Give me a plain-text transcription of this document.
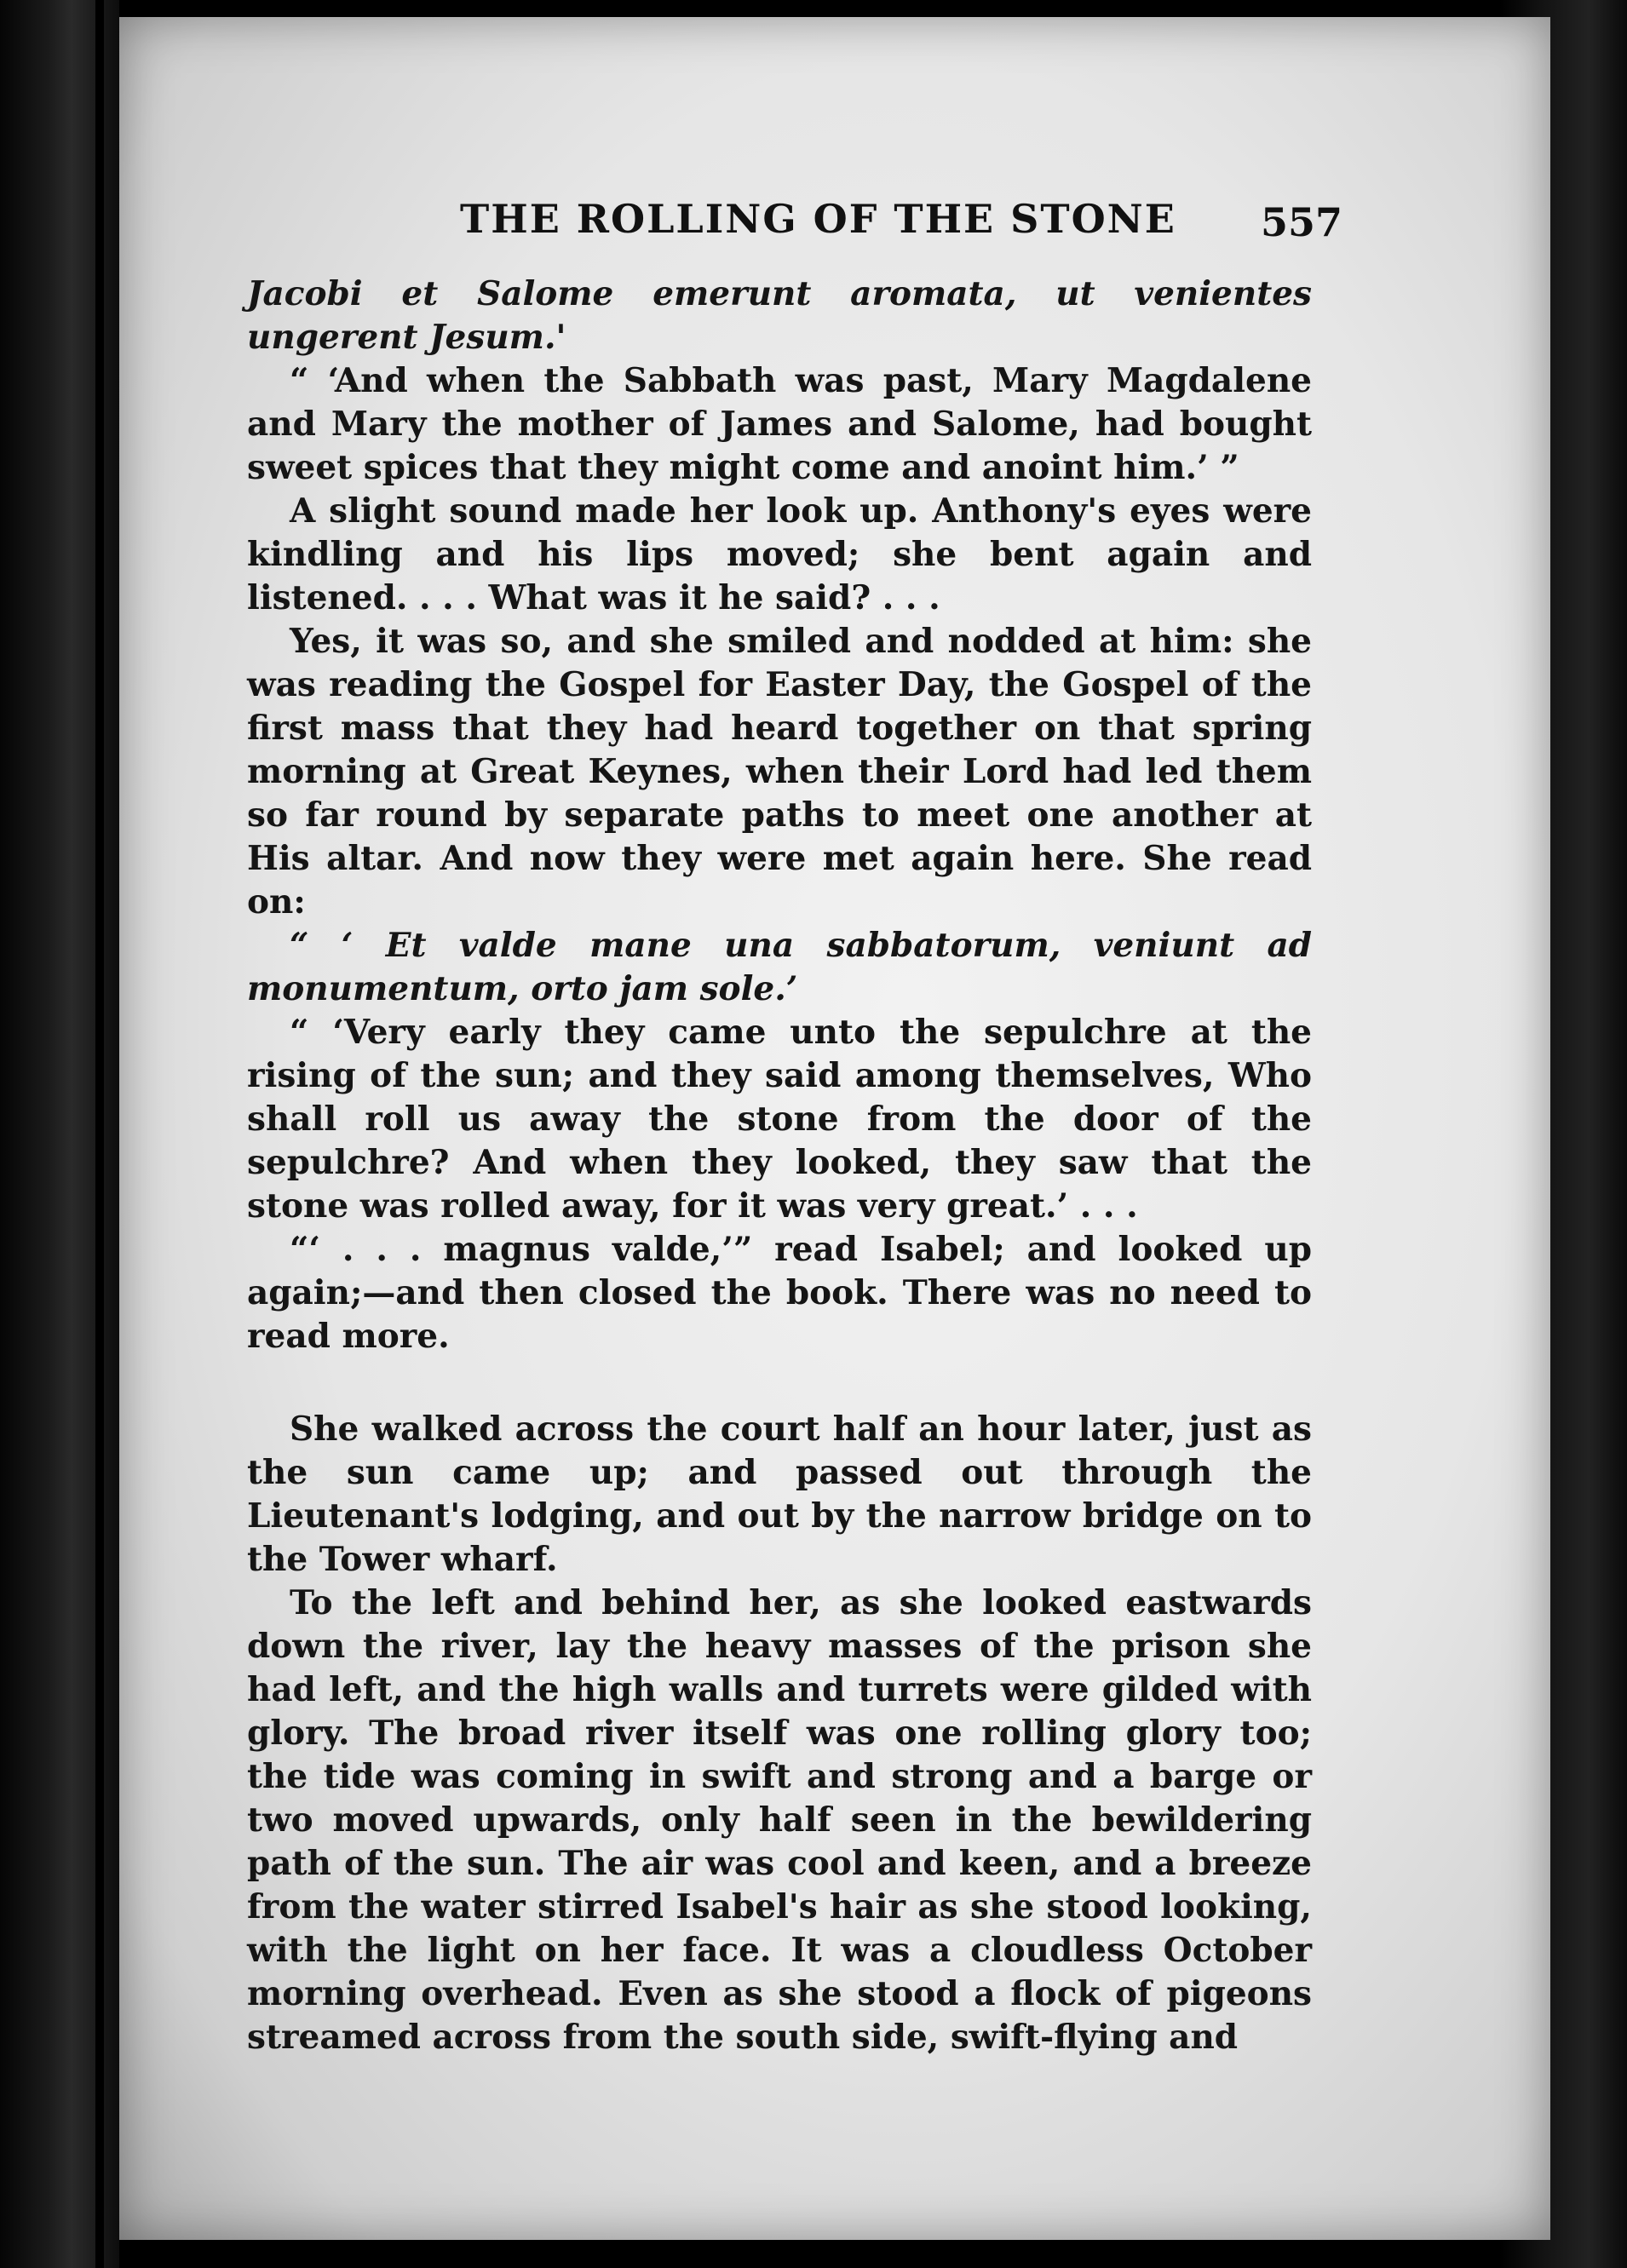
THE ROLLING OF THE STONE 557

Jacobi et Salome emerunt aromata, ut venientes ungerent Jesum.'

“ ‘And when the Sabbath was past, Mary Magdalene and Mary the mother of James and Salome, had bought sweet spices that they might come and anoint him.’ ”

A slight sound made her look up. Anthony's eyes were kindling and his lips moved; she bent again and listened. . . . What was it he said? . . .

Yes, it was so, and she smiled and nodded at him: she was reading the Gospel for Easter Day, the Gospel of the first mass that they had heard together on that spring morning at Great Keynes, when their Lord had led them so far round by separate paths to meet one another at His altar. And now they were met again here. She read on:

“ ‘ Et valde mane una sabbatorum, veniunt ad monumentum, orto jam sole.’

“ ‘Very early they came unto the sepulchre at the rising of the sun; and they said among themselves, Who shall roll us away the stone from the door of the sepulchre? And when they looked, they saw that the stone was rolled away, for it was very great.’ . . .

“‘ . . . magnus valde,’” read Isabel; and looked up again;—and then closed the book. There was no need to read more.

She walked across the court half an hour later, just as the sun came up; and passed out through the Lieutenant's lodging, and out by the narrow bridge on to the Tower wharf.

To the left and behind her, as she looked eastwards down the river, lay the heavy masses of the prison she had left, and the high walls and turrets were gilded with glory. The broad river itself was one rolling glory too; the tide was coming in swift and strong and a barge or two moved upwards, only half seen in the bewildering path of the sun. The air was cool and keen, and a breeze from the water stirred Isabel's hair as she stood looking, with the light on her face. It was a cloudless October morning overhead. Even as she stood a flock of pigeons streamed across from the south side, swift-flying and
